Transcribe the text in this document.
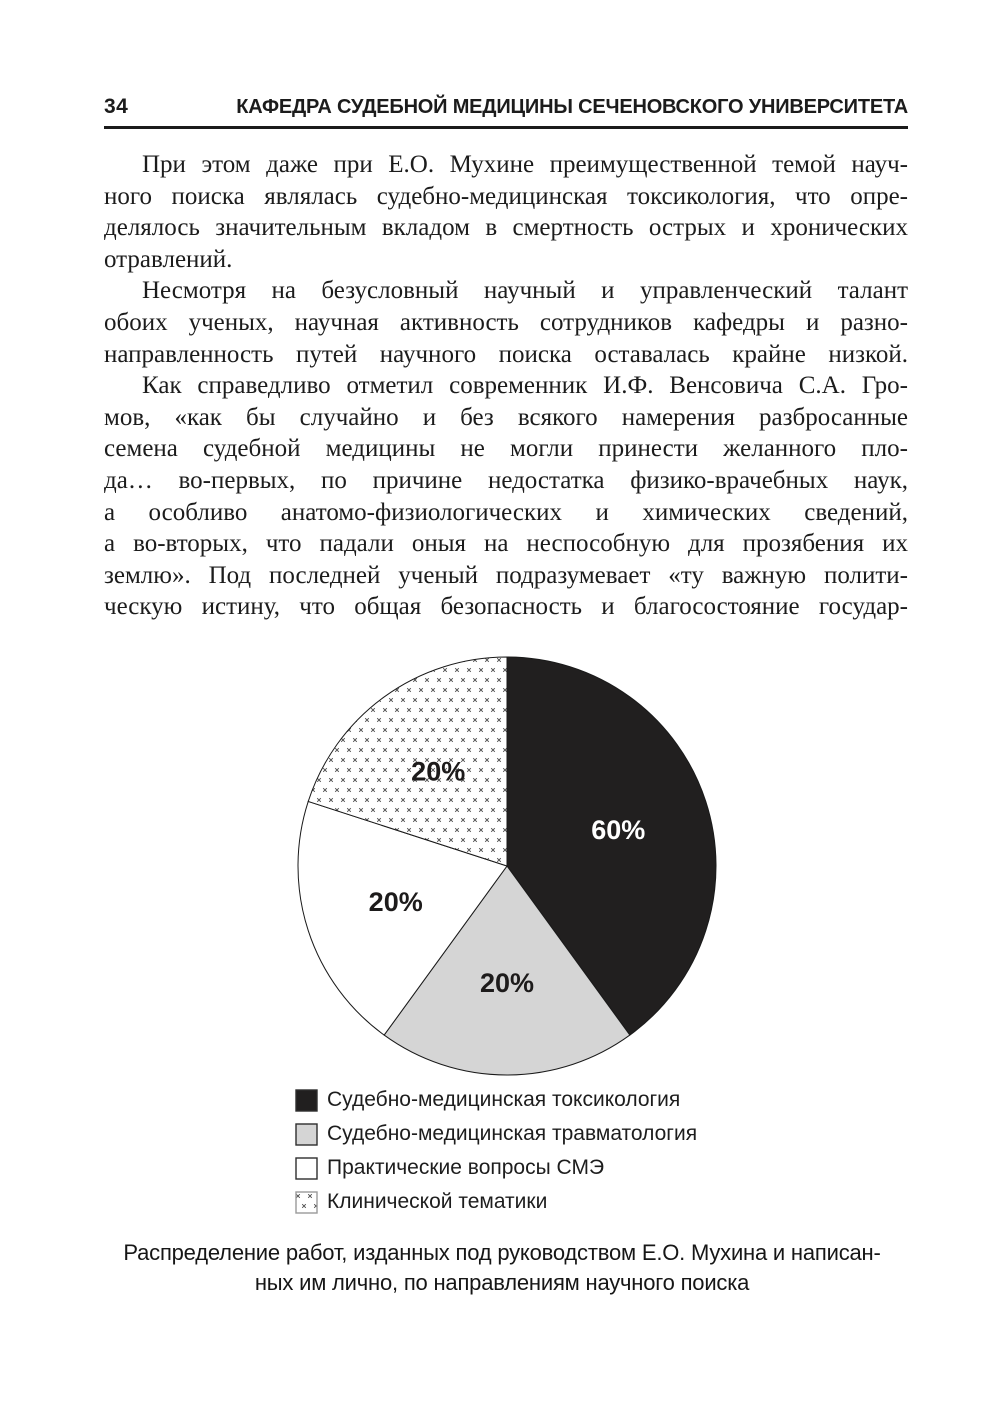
34	КАФЕДРА СУДЕБНОЙ МЕДИЦИНЫ СЕЧЕНОВСКОГО УНИВЕРСИТЕТА
При этом даже при Е.О. Мухине преимущественной темой науч-
ного поиска являлась судебно-медицинская токсикология, что опре-
делялось значительным вкладом в смертность острых и хронических
отравлений.
Несмотря на безусловный научный и управленческий талант
обоих ученых, научная активность сотрудников кафедры и разно-
направленность путей научного поиска оставалась крайне низкой.
Как справедливо отметил современник И.Ф. Венсовича С.А. Гро-
мов, «как бы случайно и без всякого намерения разбросанные
семена судебной медицины не могли принести желанного пло-
да… во-первых, по причине недостатка физико-врачебных наук,
а особливо анатомо-физиологических и химических сведений,
а во-вторых, что падали оныя на неспособную для прозябения их
землю». Под последней ученый подразумевает «ту важную полити-
ческую истину, что общая безопасность и благосостояние государ-
60%
20%
20%
20%
Судебно-медицинская токсикология
Судебно-медицинская травматология
Практические вопросы СМЭ
Клинической тематики
Распределение работ, изданных под руководством Е.О. Мухина и написан-
ных им лично, по направлениям научного поиска
